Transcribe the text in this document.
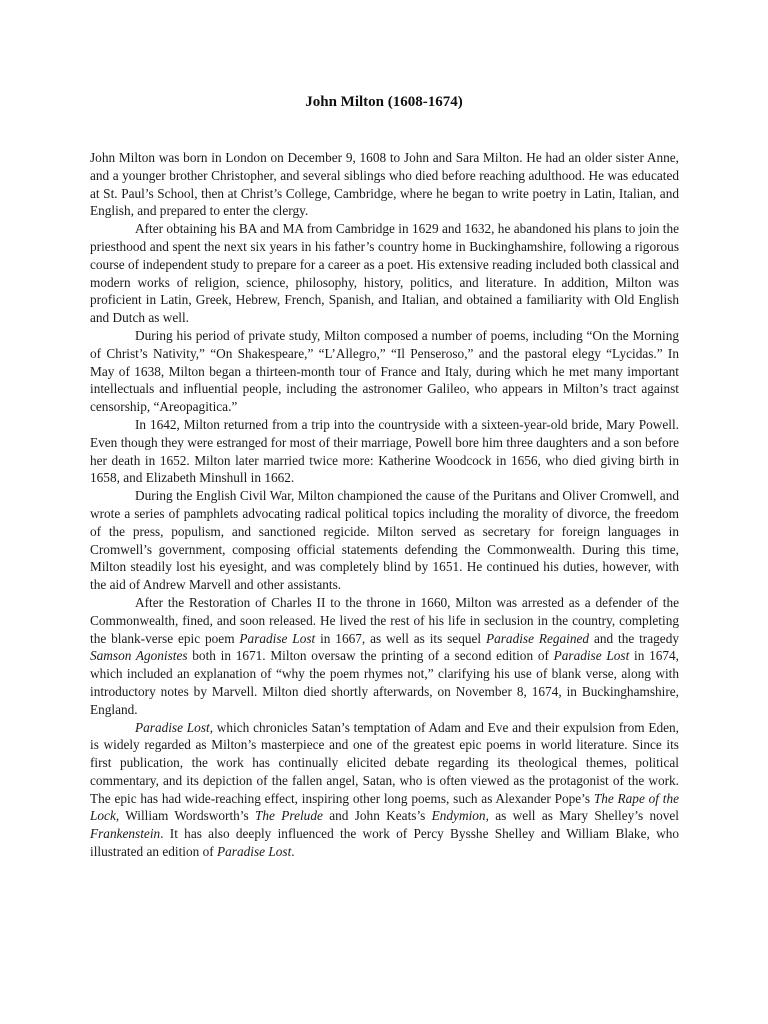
John Milton (1608-1674)

John Milton was born in London on December 9, 1608 to John and Sara Milton. He had an older sister Anne, and a younger brother Christopher, and several siblings who died before reaching adulthood. He was educated at St. Paul’s School, then at Christ’s College, Cambridge, where he began to write poetry in Latin, Italian, and English, and prepared to enter the clergy.

After obtaining his BA and MA from Cambridge in 1629 and 1632, he abandoned his plans to join the priesthood and spent the next six years in his father’s country home in Buckinghamshire, following a rigorous course of independent study to prepare for a career as a poet. His extensive reading included both classical and modern works of religion, science, philosophy, history, politics, and literature. In addition, Milton was proficient in Latin, Greek, Hebrew, French, Spanish, and Italian, and obtained a familiarity with Old English and Dutch as well.

During his period of private study, Milton composed a number of poems, including “On the Morning of Christ’s Nativity,” “On Shakespeare,” “L’Allegro,” “Il Penseroso,” and the pastoral elegy “Lycidas.” In May of 1638, Milton began a thirteen-month tour of France and Italy, during which he met many important intellectuals and influential people, including the astronomer Galileo, who appears in Milton’s tract against censorship, “Areopagitica.”

In 1642, Milton returned from a trip into the countryside with a sixteen-year-old bride, Mary Powell. Even though they were estranged for most of their marriage, Powell bore him three daughters and a son before her death in 1652. Milton later married twice more: Katherine Woodcock in 1656, who died giving birth in 1658, and Elizabeth Minshull in 1662.

During the English Civil War, Milton championed the cause of the Puritans and Oliver Cromwell, and wrote a series of pamphlets advocating radical political topics including the morality of divorce, the freedom of the press, populism, and sanctioned regicide. Milton served as secretary for foreign languages in Cromwell’s government, composing official statements defending the Commonwealth. During this time, Milton steadily lost his eyesight, and was completely blind by 1651. He continued his duties, however, with the aid of Andrew Marvell and other assistants.

After the Restoration of Charles II to the throne in 1660, Milton was arrested as a defender of the Commonwealth, fined, and soon released. He lived the rest of his life in seclusion in the country, completing the blank-verse epic poem Paradise Lost in 1667, as well as its sequel Paradise Regained and the tragedy Samson Agonistes both in 1671. Milton oversaw the printing of a second edition of Paradise Lost in 1674, which included an explanation of “why the poem rhymes not,” clarifying his use of blank verse, along with introductory notes by Marvell. Milton died shortly afterwards, on November 8, 1674, in Buckinghamshire, England.

Paradise Lost, which chronicles Satan’s temptation of Adam and Eve and their expulsion from Eden, is widely regarded as Milton’s masterpiece and one of the greatest epic poems in world literature. Since its first publication, the work has continually elicited debate regarding its theological themes, political commentary, and its depiction of the fallen angel, Satan, who is often viewed as the protagonist of the work. The epic has had wide-reaching effect, inspiring other long poems, such as Alexander Pope’s The Rape of the Lock, William Wordsworth’s The Prelude and John Keats’s Endymion, as well as Mary Shelley’s novel Frankenstein. It has also deeply influenced the work of Percy Bysshe Shelley and William Blake, who illustrated an edition of Paradise Lost.
